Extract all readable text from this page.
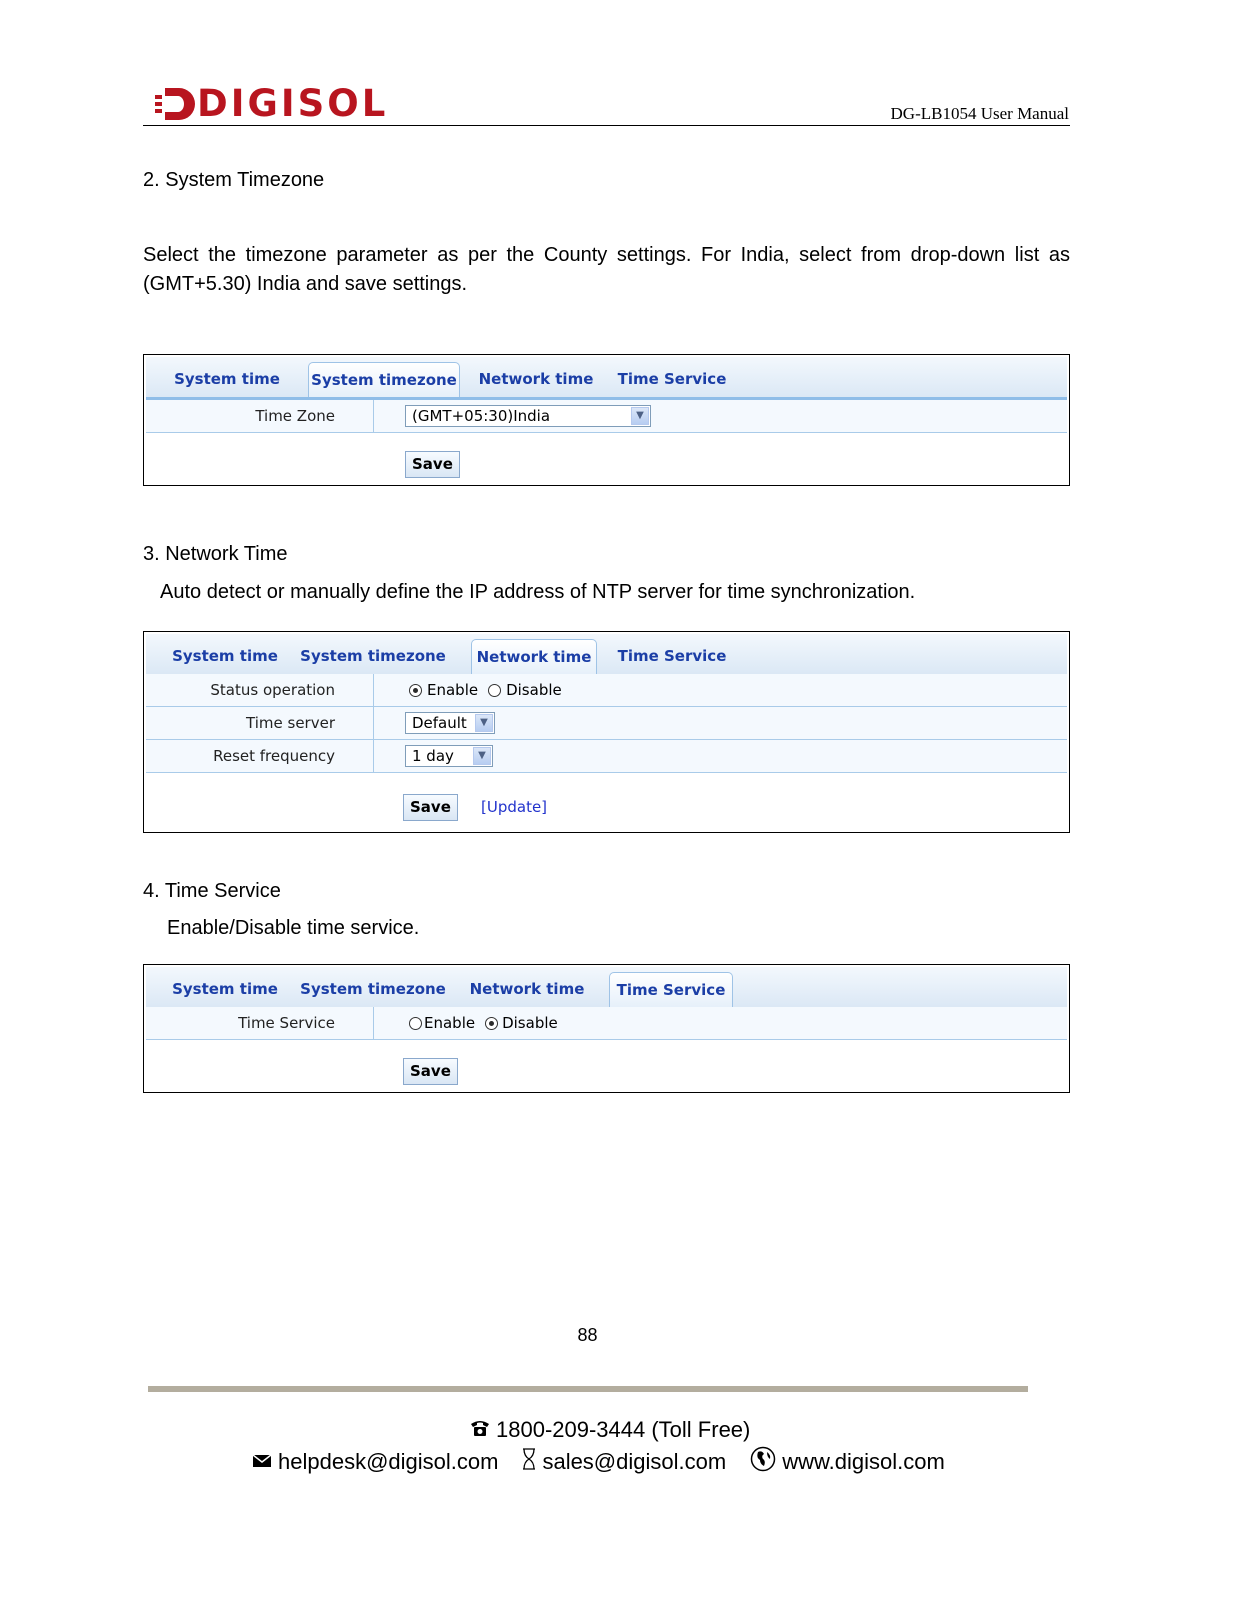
DIGISOL	DG-LB1054 User Manual
2. System Timezone
Select the timezone parameter as per the County settings. For India, select from drop-down list as (GMT+5.30) India and save settings.
System time System timezone Network time Time Service
Time Zone	(GMT+05:30)India	▼
Save
3. Network Time
Auto detect or manually define the IP address of NTP server for time synchronization.
System time System timezone	Network time	Time Service
Status operation	Enable Disable
Time server	Default	▼
Reset frequency	1 day	▼
Save	[Update]
4. Time Service
Enable/Disable time service.
System time System timezone Network time	Time Service
Time Service	Enable Disable
Save
88
1800-209-3444 (Toll Free)
helpdesk@digisol.com sales@digisol.com	www.digisol.com
